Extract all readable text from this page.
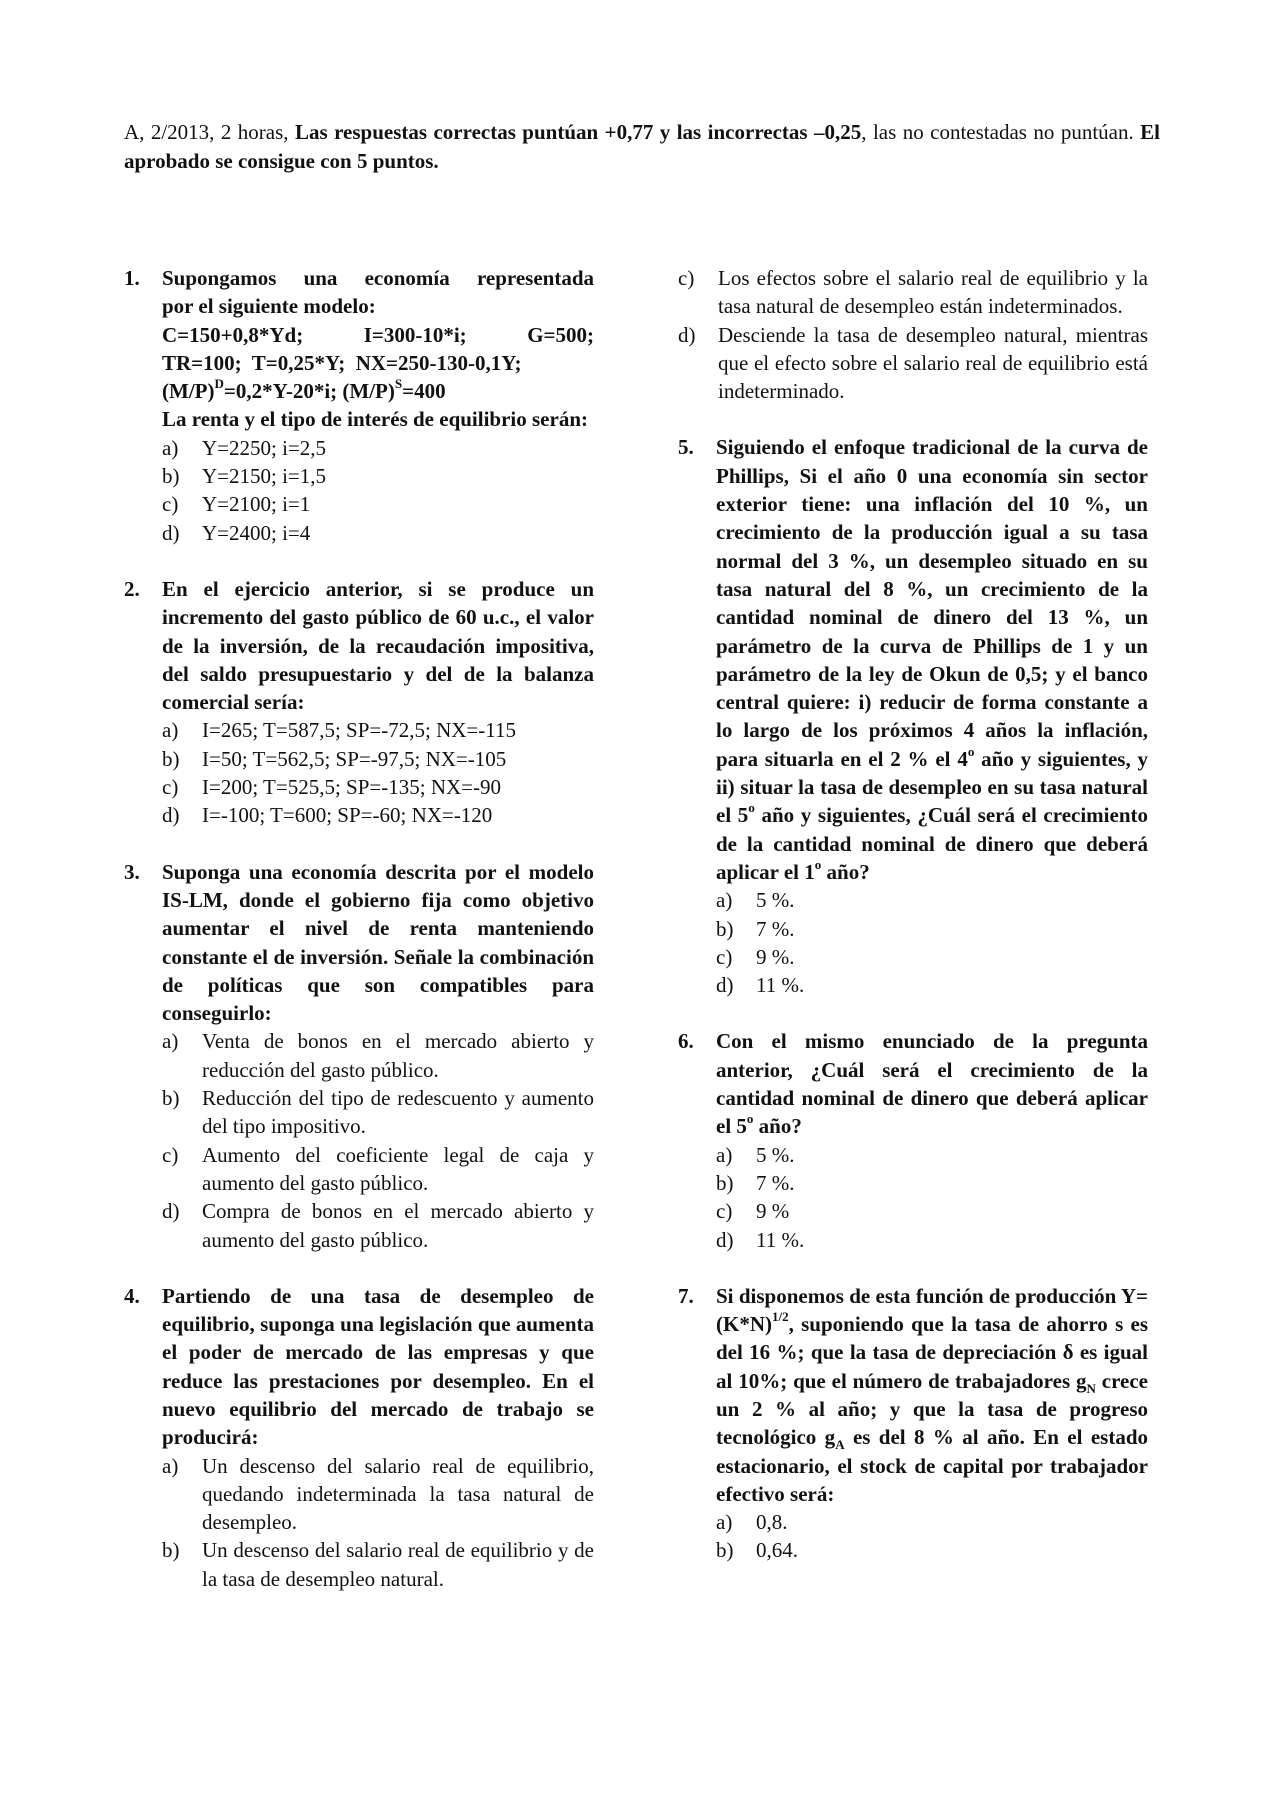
A, 2/2013, 2 horas, Las respuestas correctas puntúan +0,77 y las incorrectas –0,25, las no contestadas no puntúan. El aprobado se consigue con 5 puntos.
1. Supongamos una economía representada
por el siguiente modelo:
C=150+0,8*Yd;	I=300-10*i;	G=500;
TR=100;  T=0,25*Y;  NX=250-130-0,1Y;
$(M/P)^D=0,2*Y-20*i$; $(M/P)^S=400$
La renta y el tipo de interés de equilibrio serán:
a) Y=2250; i=2,5
b) Y=2150; i=1,5
c) Y=2100; i=1
d) Y=2400; i=4
2. En el ejercicio anterior, si se produce un incremento del gasto público de 60 u.c., el valor de la inversión, de la recaudación impositiva, del saldo presupuestario y del de la balanza comercial sería:
a) I=265; T=587,5; SP=-72,5; NX=-115
b) I=50; T=562,5; SP=-97,5; NX=-105
c) I=200; T=525,5; SP=-135; NX=-90
d) I=-100; T=600; SP=-60; NX=-120
3. Suponga una economía descrita por el modelo IS-LM, donde el gobierno fija como objetivo aumentar el nivel de renta manteniendo constante el de inversión. Señale la combinación de políticas que son compatibles para conseguirlo:
a) Venta de bonos en el mercado abierto y reducción del gasto público.
b) Reducción del tipo de redescuento y aumento del tipo impositivo.
c) Aumento del coeficiente legal de caja y aumento del gasto público.
d) Compra de bonos en el mercado abierto y aumento del gasto público.
4. Partiendo de una tasa de desempleo de equilibrio, suponga una legislación que aumenta el poder de mercado de las empresas y que reduce las prestaciones por desempleo. En el nuevo equilibrio del mercado de trabajo se producirá:
a) Un descenso del salario real de equilibrio, quedando indeterminada la tasa natural de desempleo.
b) Un descenso del salario real de equilibrio y de la tasa de desempleo natural.
c) Los efectos sobre el salario real de equilibrio y la tasa natural de desempleo están indeterminados.
d) Desciende la tasa de desempleo natural, mientras que el efecto sobre el salario real de equilibrio está indeterminado.
5. Siguiendo el enfoque tradicional de la curva de Phillips, Si el año 0 una economía sin sector exterior tiene: una inflación del 10 %, un crecimiento de la producción igual a su tasa normal del 3 %, un desempleo situado en su tasa natural del 8 %, un crecimiento de la cantidad nominal de dinero del 13 %, un parámetro de la curva de Phillips de 1 y un parámetro de la ley de Okun de 0,5; y el banco central quiere: i) reducir de forma constante a lo largo de los próximos 4 años la inflación, para situarla en el 2 % el 4$^o$ año y siguientes, y ii) situar la tasa de desempleo en su tasa natural el 5$^o$ año y siguientes, ¿Cuál será el crecimiento de la cantidad nominal de dinero que deberá aplicar el 1$^o$ año?
a) 5 %.
b) 7 %.
c) 9 %.
d) 11 %.
6. Con el mismo enunciado de la pregunta anterior, ¿Cuál será el crecimiento de la cantidad nominal de dinero que deberá aplicar el 5$^o$ año?
a) 5 %.
b) 7 %.
c) 9 %
d) 11 %.
7. Si disponemos de esta función de producción $Y=(K*N)^{1/2}$, suponiendo que la tasa de ahorro s es del 16 %; que la tasa de depreciación δ es igual al 10%; que el número de trabajadores $g_N$ crece un 2 % al año; y que la tasa de progreso tecnológico $g_A$ es del 8 % al año. En el estado estacionario, el stock de capital por trabajador efectivo será:
a) 0,8.
b) 0,64.
